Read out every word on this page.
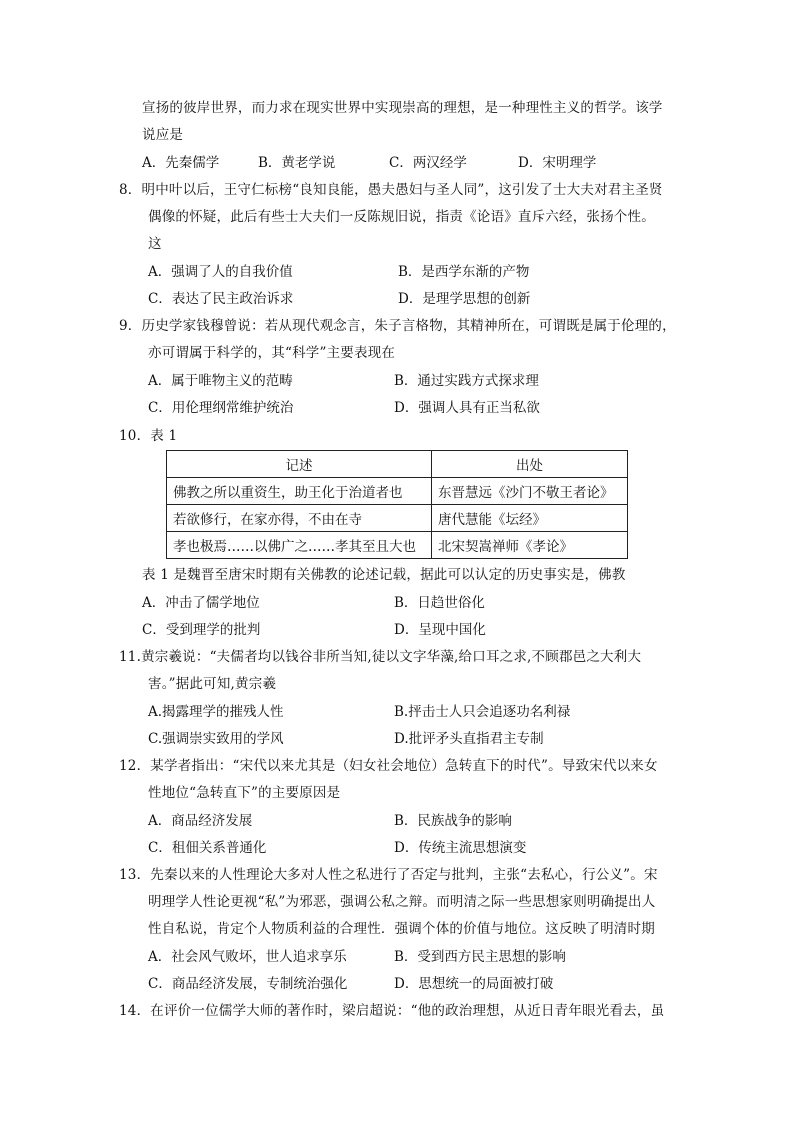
宣扬的彼岸世界，而力求在现实世界中实现崇高的理想，是一种理性主义的哲学。该学
说应是
A．先秦儒学	B．黄老学说	C．两汉经学	D．宋明理学
8．明中叶以后，王守仁标榜“良知良能，愚夫愚妇与圣人同”，这引发了士大夫对君主圣贤
偶像的怀疑，此后有些士大夫们一反陈规旧说，指责《论语》直斥六经，张扬个性。
这
A．强调了人的自我价值	B．是西学东渐的产物
C．表达了民主政治诉求	D．是理学思想的创新
9．历史学家钱穆曾说：若从现代观念言，朱子言格物，其精神所在，可谓既是属于伦理的，
亦可谓属于科学的，其“科学”主要表现在
A．属于唯物主义的范畴	B．通过实践方式探求理
C．用伦理纲常维护统治	D．强调人具有正当私欲
10．表 1
记述	出处
佛教之所以重资生，助王化于治道者也	东晋慧远《沙门不敬王者论》
若欲修行，在家亦得，不由在寺	唐代慧能《坛经》
孝也极焉……以佛广之……孝其至且大也	北宋契嵩禅师《孝论》
表 1 是魏晋至唐宋时期有关佛教的论述记载，据此可以认定的历史事实是，佛教
A．冲击了儒学地位	B．日趋世俗化
C．受到理学的批判	D．呈现中国化
11.黄宗羲说：“夫儒者均以钱谷非所当知,徒以文字华藻,给口耳之求,不顾郡邑之大利大
害。”据此可知,黄宗羲
A.揭露理学的摧残人性	B.抨击士人只会追逐功名利禄
C.强调崇实致用的学风	D.批评矛头直指君主专制
12．某学者指出：“宋代以来尤其是（妇女社会地位）急转直下的时代”。导致宋代以来女
性地位“急转直下”的主要原因是
A．商品经济发展	B．民族战争的影响
C．租佃关系普通化	D．传统主流思想演变
13．先秦以来的人性理论大多对人性之私进行了否定与批判，主张“去私心，行公义”。宋
明理学人性论更视“私”为邪恶，强调公私之辩。而明清之际一些思想家则明确提出人
性自私说，肯定个人物质利益的合理性．强调个体的价值与地位。这反映了明清时期
A．社会风气败坏，世人追求享乐	B．受到西方民主思想的影响
C．商品经济发展，专制统治强化	D．思想统一的局面被打破
14．在评价一位儒学大师的著作时，梁启超说：“他的政治理想，从近日青年眼光看去，虽
